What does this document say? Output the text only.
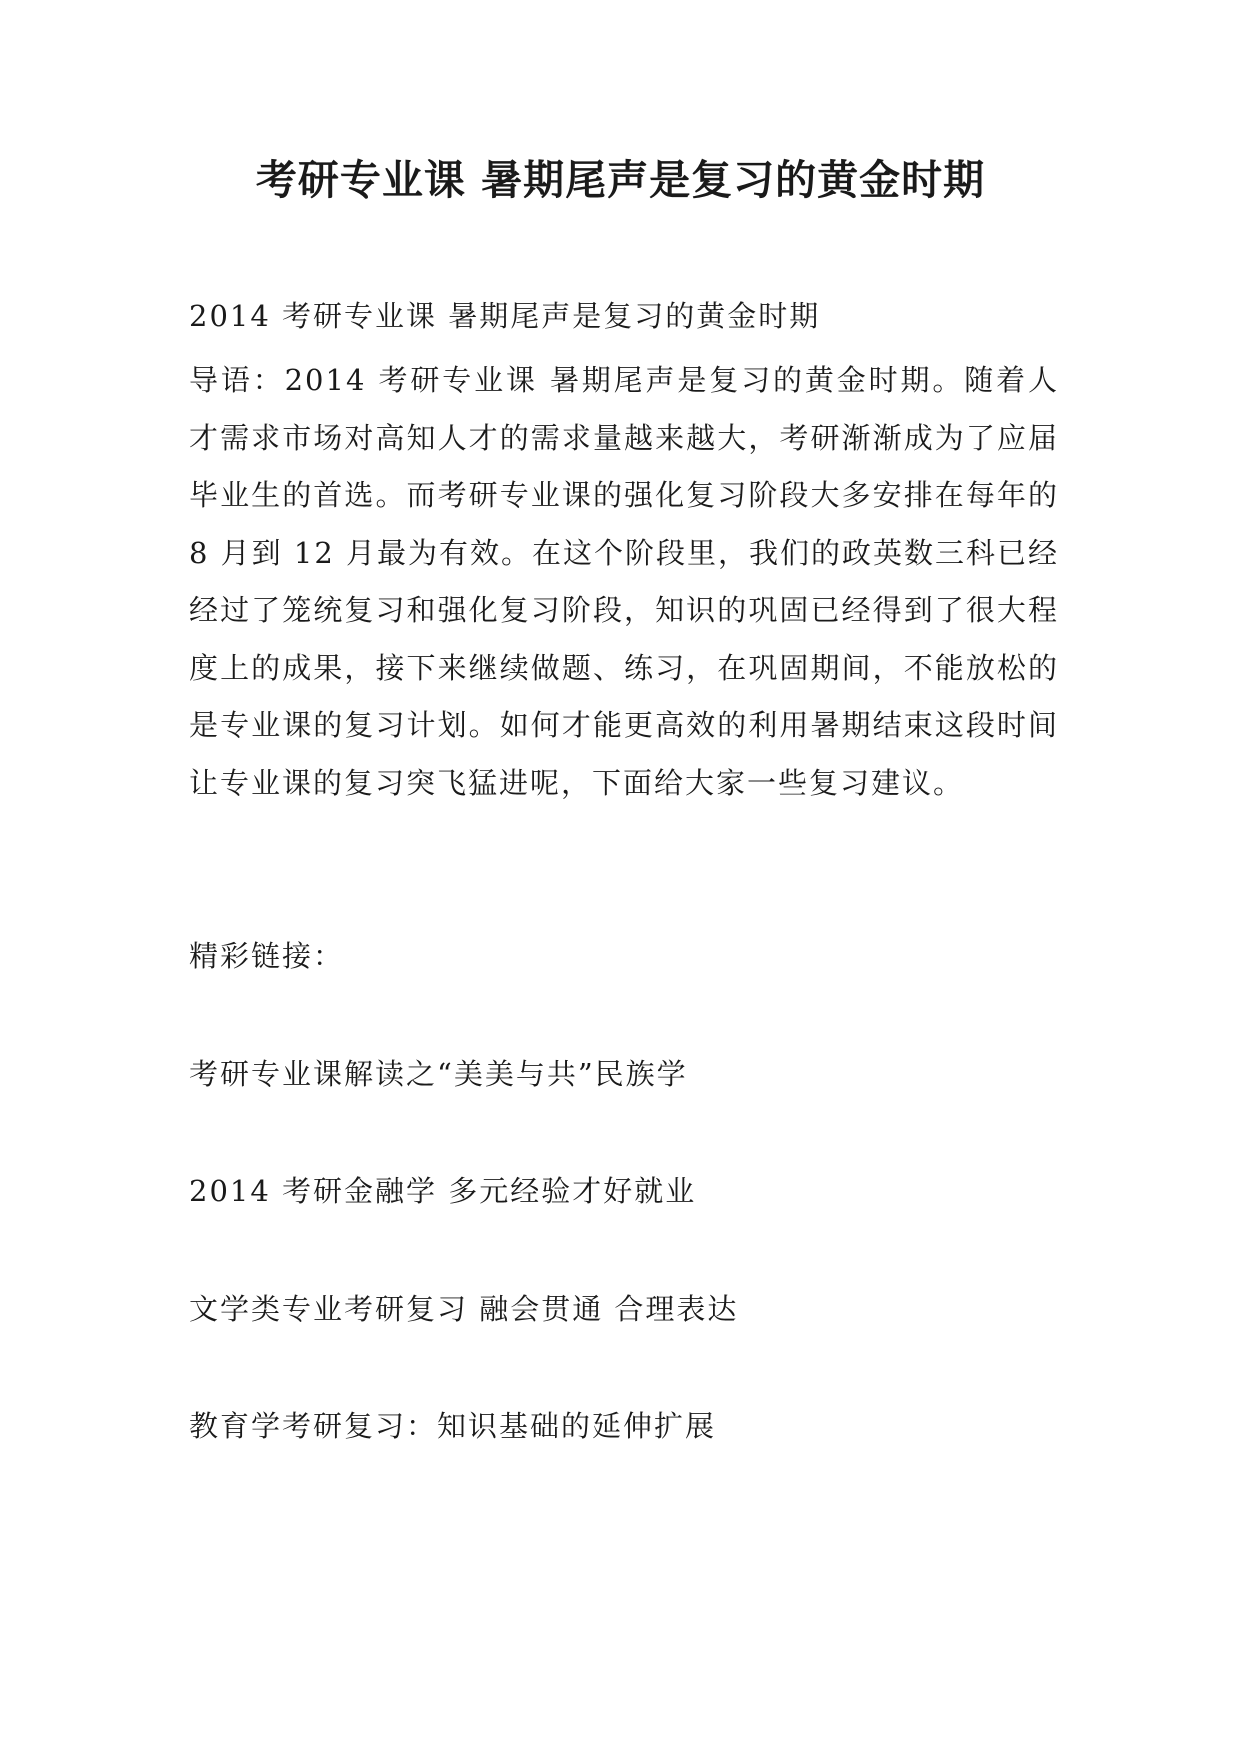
考研专业课 暑期尾声是复习的黄金时期

2014 考研专业课 暑期尾声是复习的黄金时期

导语：2014 考研专业课 暑期尾声是复习的黄金时期。随着人才需求市场对高知人才的需求量越来越大，考研渐渐成为了应届毕业生的首选。而考研专业课的强化复习阶段大多安排在每年的 8 月到 12 月最为有效。在这个阶段里，我们的政英数三科已经经过了笼统复习和强化复习阶段，知识的巩固已经得到了很大程度上的成果，接下来继续做题、练习，在巩固期间，不能放松的是专业课的复习计划。如何才能更高效的利用暑期结束这段时间让专业课的复习突飞猛进呢，下面给大家一些复习建议。

精彩链接：

考研专业课解读之“美美与共”民族学

2014 考研金融学 多元经验才好就业

文学类专业考研复习 融会贯通 合理表达

教育学考研复习：知识基础的延伸扩展
